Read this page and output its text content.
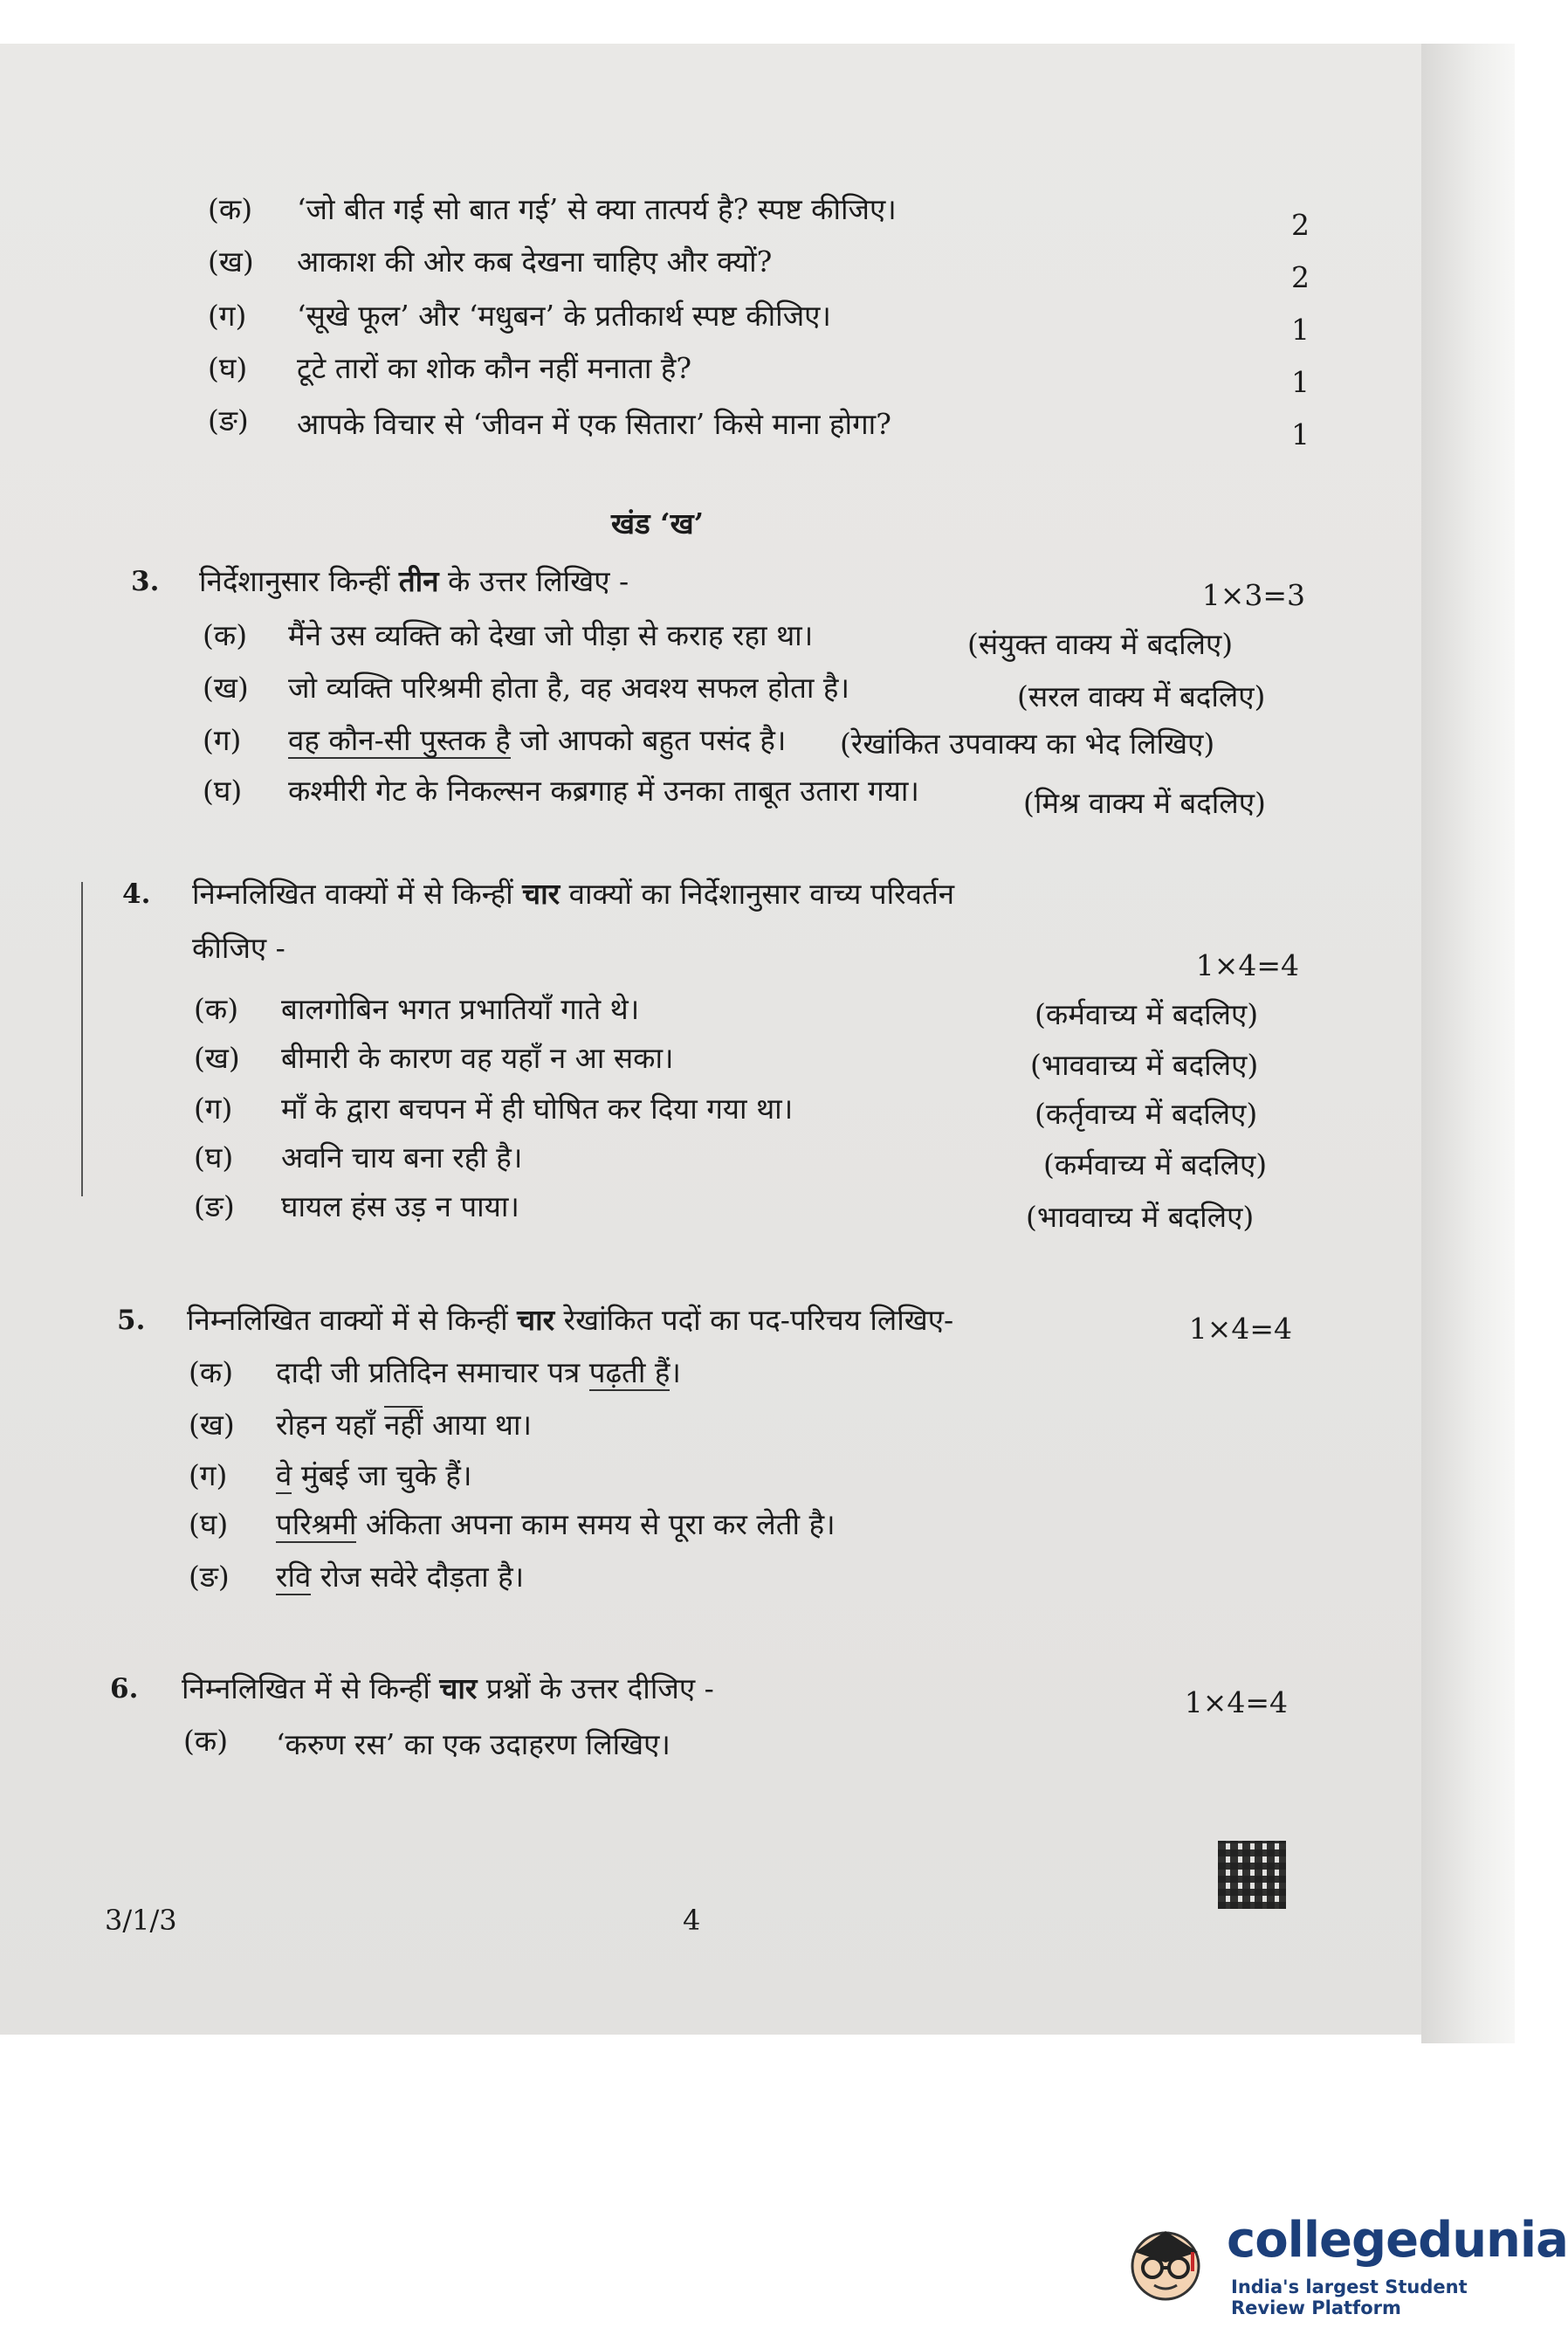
(क) ‘जो बीत गई सो बात गई’ से क्या तात्पर्य है? स्पष्ट कीजिए।	2
(ख) आकाश की ओर कब देखना चाहिए और क्यों?	2
(ग) ‘सूखे फूल’ और ‘मधुबन’ के प्रतीकार्थ स्पष्ट कीजिए।	1
(घ) टूटे तारों का शोक कौन नहीं मनाता है?	1
(ङ) आपके विचार से ‘जीवन में एक सितारा’ किसे माना होगा?	1
खंड ‘ख’
3. निर्देशानुसार किन्हीं तीन के उत्तर लिखिए -	1×3=3
(क) मैंने उस व्यक्ति को देखा जो पीड़ा से कराह रहा था।	(संयुक्त वाक्य में बदलिए)
(ख) जो व्यक्ति परिश्रमी होता है, वह अवश्य सफल होता है।	(सरल वाक्य में बदलिए)
(ग) वह कौन-सी पुस्तक है जो आपको बहुत पसंद है। (रेखांकित उपवाक्य का भेद लिखिए)
(घ) कश्मीरी गेट के निकल्सन कब्रगाह में उनका ताबूत उतारा गया।	(मिश्र वाक्य में बदलिए)
4. निम्नलिखित वाक्यों में से किन्हीं चार वाक्यों का निर्देशानुसार वाच्य परिवर्तन
कीजिए -
1×4=4
(क) बालगोबिन भगत प्रभातियाँ गाते थे।	(कर्मवाच्य में बदलिए)
(ख) बीमारी के कारण वह यहाँ न आ सका।	(भाववाच्य में बदलिए)
(ग) माँ के द्वारा बचपन में ही घोषित कर दिया गया था।	(कर्तृवाच्य में बदलिए)
(घ) अवनि चाय बना रही है।	(कर्मवाच्य में बदलिए)
(ङ) घायल हंस उड़ न पाया।	(भाववाच्य में बदलिए)
5. निम्नलिखित वाक्यों में से किन्हीं चार रेखांकित पदों का पद-परिचय लिखिए-	1×4=4
(क) दादी जी प्रतिदिन समाचार पत्र पढ़ती हैं।
(ख) रोहन यहाँ नहीं आया था।
(ग) वे मुंबई जा चुके हैं।
(घ) परिश्रमी अंकिता अपना काम समय से पूरा कर लेती है।
(ङ) रवि रोज सवेरे दौड़ता है।
6. निम्नलिखित में से किन्हीं चार प्रश्नों के उत्तर दीजिए -	1×4=4
(क) ‘करुण रस’ का एक उदाहरण लिखिए।
3/1/3	4
collegedunia
India's largest Student Review Platform
